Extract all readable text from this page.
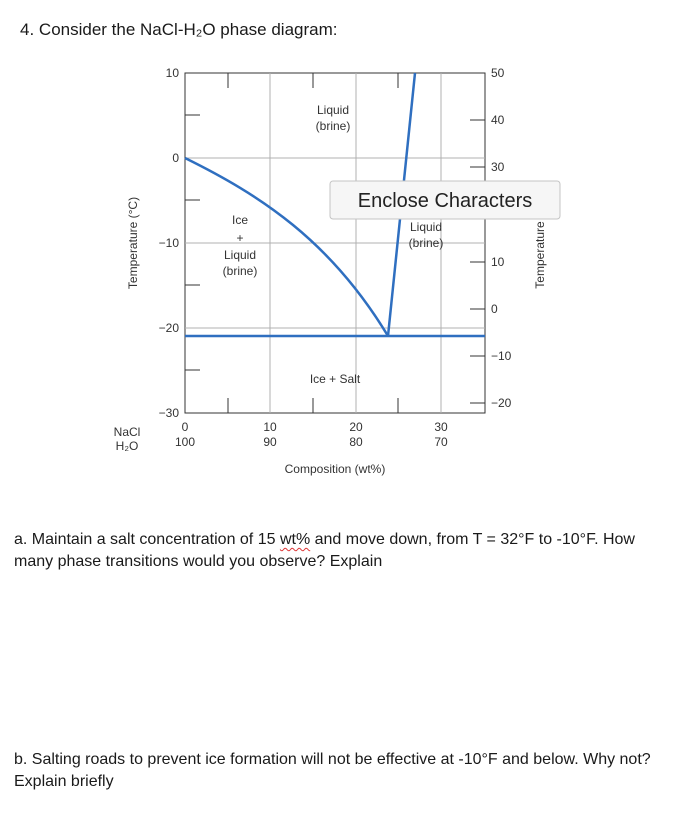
4. Consider the NaCl-H₂O phase diagram:
10
0
−10
−20
−30
50
40
30
10
0
−10
−20
Temperature (°C)	Temperature
Composition (wt%)
NaCl
H₂O
0	10	20	30
100	90	80	70
Liquid
(brine)
Ice
+
Liquid
(brine)
Liquid
(brine)
Ice + Salt
Enclose Characters
a. Maintain a salt concentration of 15 wt% and move down, from T = 32°F to -10°F. How many phase transitions would you observe? Explain
b. Salting roads to prevent ice formation will not be effective at -10°F and below. Why not? Explain briefly
